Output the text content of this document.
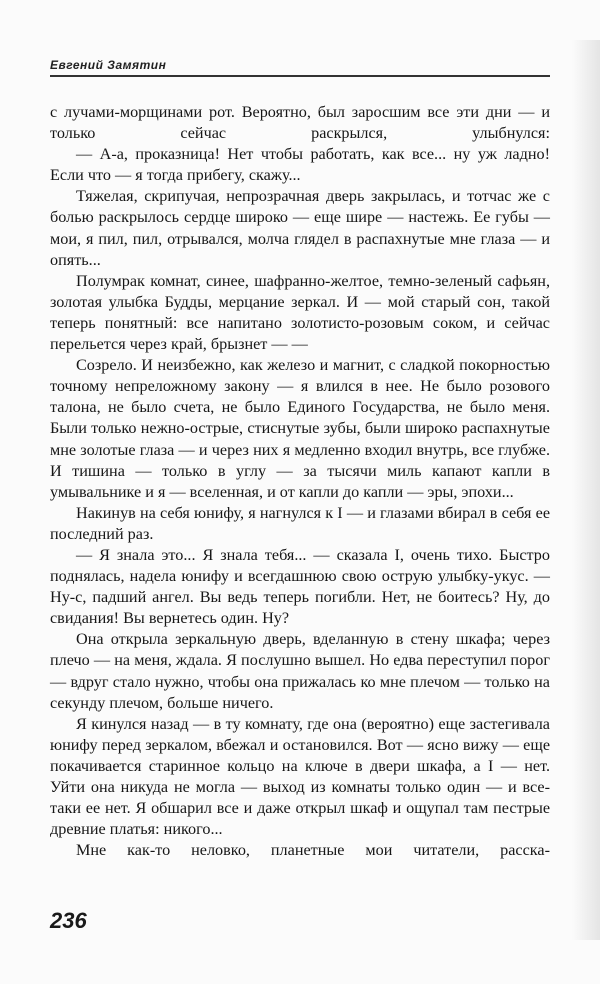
Евгений Замятин

с лучами-морщинами рот. Вероятно, был заросшим все эти дни — и только сейчас раскрылся, улыбнулся:

— А-а, проказница! Нет чтобы работать, как все... ну уж ладно! Если что — я тогда прибегу, скажу...

Тяжелая, скрипучая, непрозрачная дверь закрылась, и тотчас же с болью раскрылось сердце широко — еще шире — настежь. Ее губы — мои, я пил, пил, отрывался, молча глядел в распахнутые мне глаза — и опять...

Полумрак комнат, синее, шафранно-желтое, темно-зеленый сафьян, золотая улыбка Будды, мерцание зеркал. И — мой старый сон, такой теперь понятный: все напитано золотисто-розовым соком, и сейчас перельется через край, брызнет — —

Созрело. И неизбежно, как железо и магнит, с сладкой покорностью точному непреложному закону — я влился в нее. Не было розового талона, не было счета, не было Единого Государства, не было меня. Были только нежно-острые, стиснутые зубы, были широко распахнутые мне золотые глаза — и через них я медленно входил внутрь, все глубже. И тишина — только в углу — за тысячи миль капают капли в умывальнике и я — вселенная, и от капли до капли — эры, эпохи...

Накинув на себя юнифу, я нагнулся к I — и глазами вбирал в себя ее последний раз.

— Я знала это... Я знала тебя... — сказала I, очень тихо. Быстро поднялась, надела юнифу и всегдашнюю свою острую улыбку-укус. — Ну-с, падший ангел. Вы ведь теперь погибли. Нет, не боитесь? Ну, до свидания! Вы вернетесь один. Ну?

Она открыла зеркальную дверь, вделанную в стену шкафа; через плечо — на меня, ждала. Я послушно вышел. Но едва переступил порог — вдруг стало нужно, чтобы она прижалась ко мне плечом — только на секунду плечом, больше ничего.

Я кинулся назад — в ту комнату, где она (вероятно) еще застегивала юнифу перед зеркалом, вбежал и остановился. Вот — ясно вижу — еще покачивается старинное кольцо на ключе в двери шкафа, а I — нет. Уйти она никуда не могла — выход из комнаты только один — и все-таки ее нет. Я обшарил все и даже открыл шкаф и ощупал там пестрые древние платья: никого...

Мне как-то неловко, планетные мои читатели, расска-

236
